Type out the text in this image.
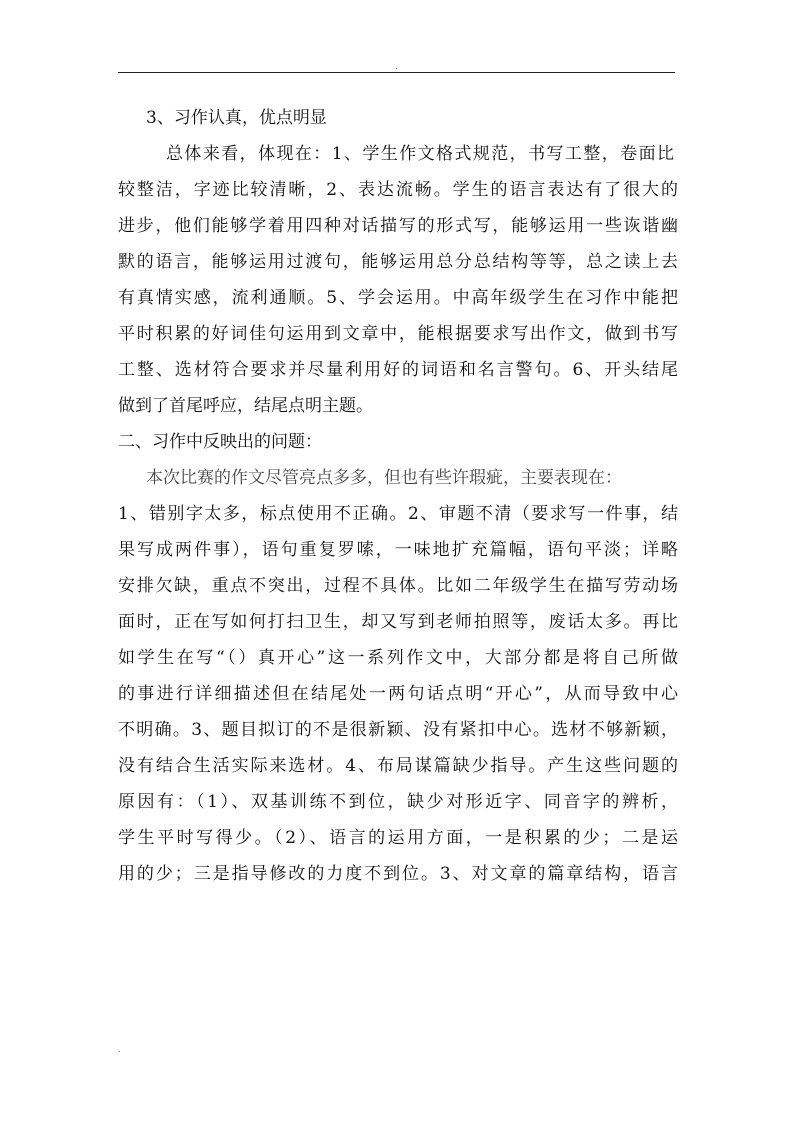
.
3、习作认真，优点明显
总体来看，体现在：1、学生作文格式规范，书写工整，卷面比
较整洁，字迹比较清晰，2、表达流畅。学生的语言表达有了很大的
进步，他们能够学着用四种对话描写的形式写，能够运用一些诙谐幽
默的语言，能够运用过渡句，能够运用总分总结构等等，总之读上去
有真情实感，流利通顺。5、学会运用。中高年级学生在习作中能把
平时积累的好词佳句运用到文章中，能根据要求写出作文，做到书写
工整、选材符合要求并尽量利用好的词语和名言警句。6、开头结尾
做到了首尾呼应，结尾点明主题。
二、习作中反映出的问题：
本次比赛的作文尽管亮点多多，但也有些许瑕疵，主要表现在：
1、错别字太多，标点使用不正确。2、审题不清（要求写一件事，结
果写成两件事），语句重复罗嗦，一味地扩充篇幅，语句平淡；详略
安排欠缺，重点不突出，过程不具体。比如二年级学生在描写劳动场
面时，正在写如何打扫卫生，却又写到老师拍照等，废话太多。再比
如学生在写“（）真开心”这一系列作文中，大部分都是将自己所做
的事进行详细描述但在结尾处一两句话点明“开心”，从而导致中心
不明确。3、题目拟订的不是很新颖、没有紧扣中心。选材不够新颖，
没有结合生活实际来选材。4、布局谋篇缺少指导。产生这些问题的
原因有：（1）、双基训练不到位，缺少对形近字、同音字的辨析，
学生平时写得少。（2）、语言的运用方面，一是积累的少；二是运
用的少；三是指导修改的力度不到位。3、对文章的篇章结构，语言
.
